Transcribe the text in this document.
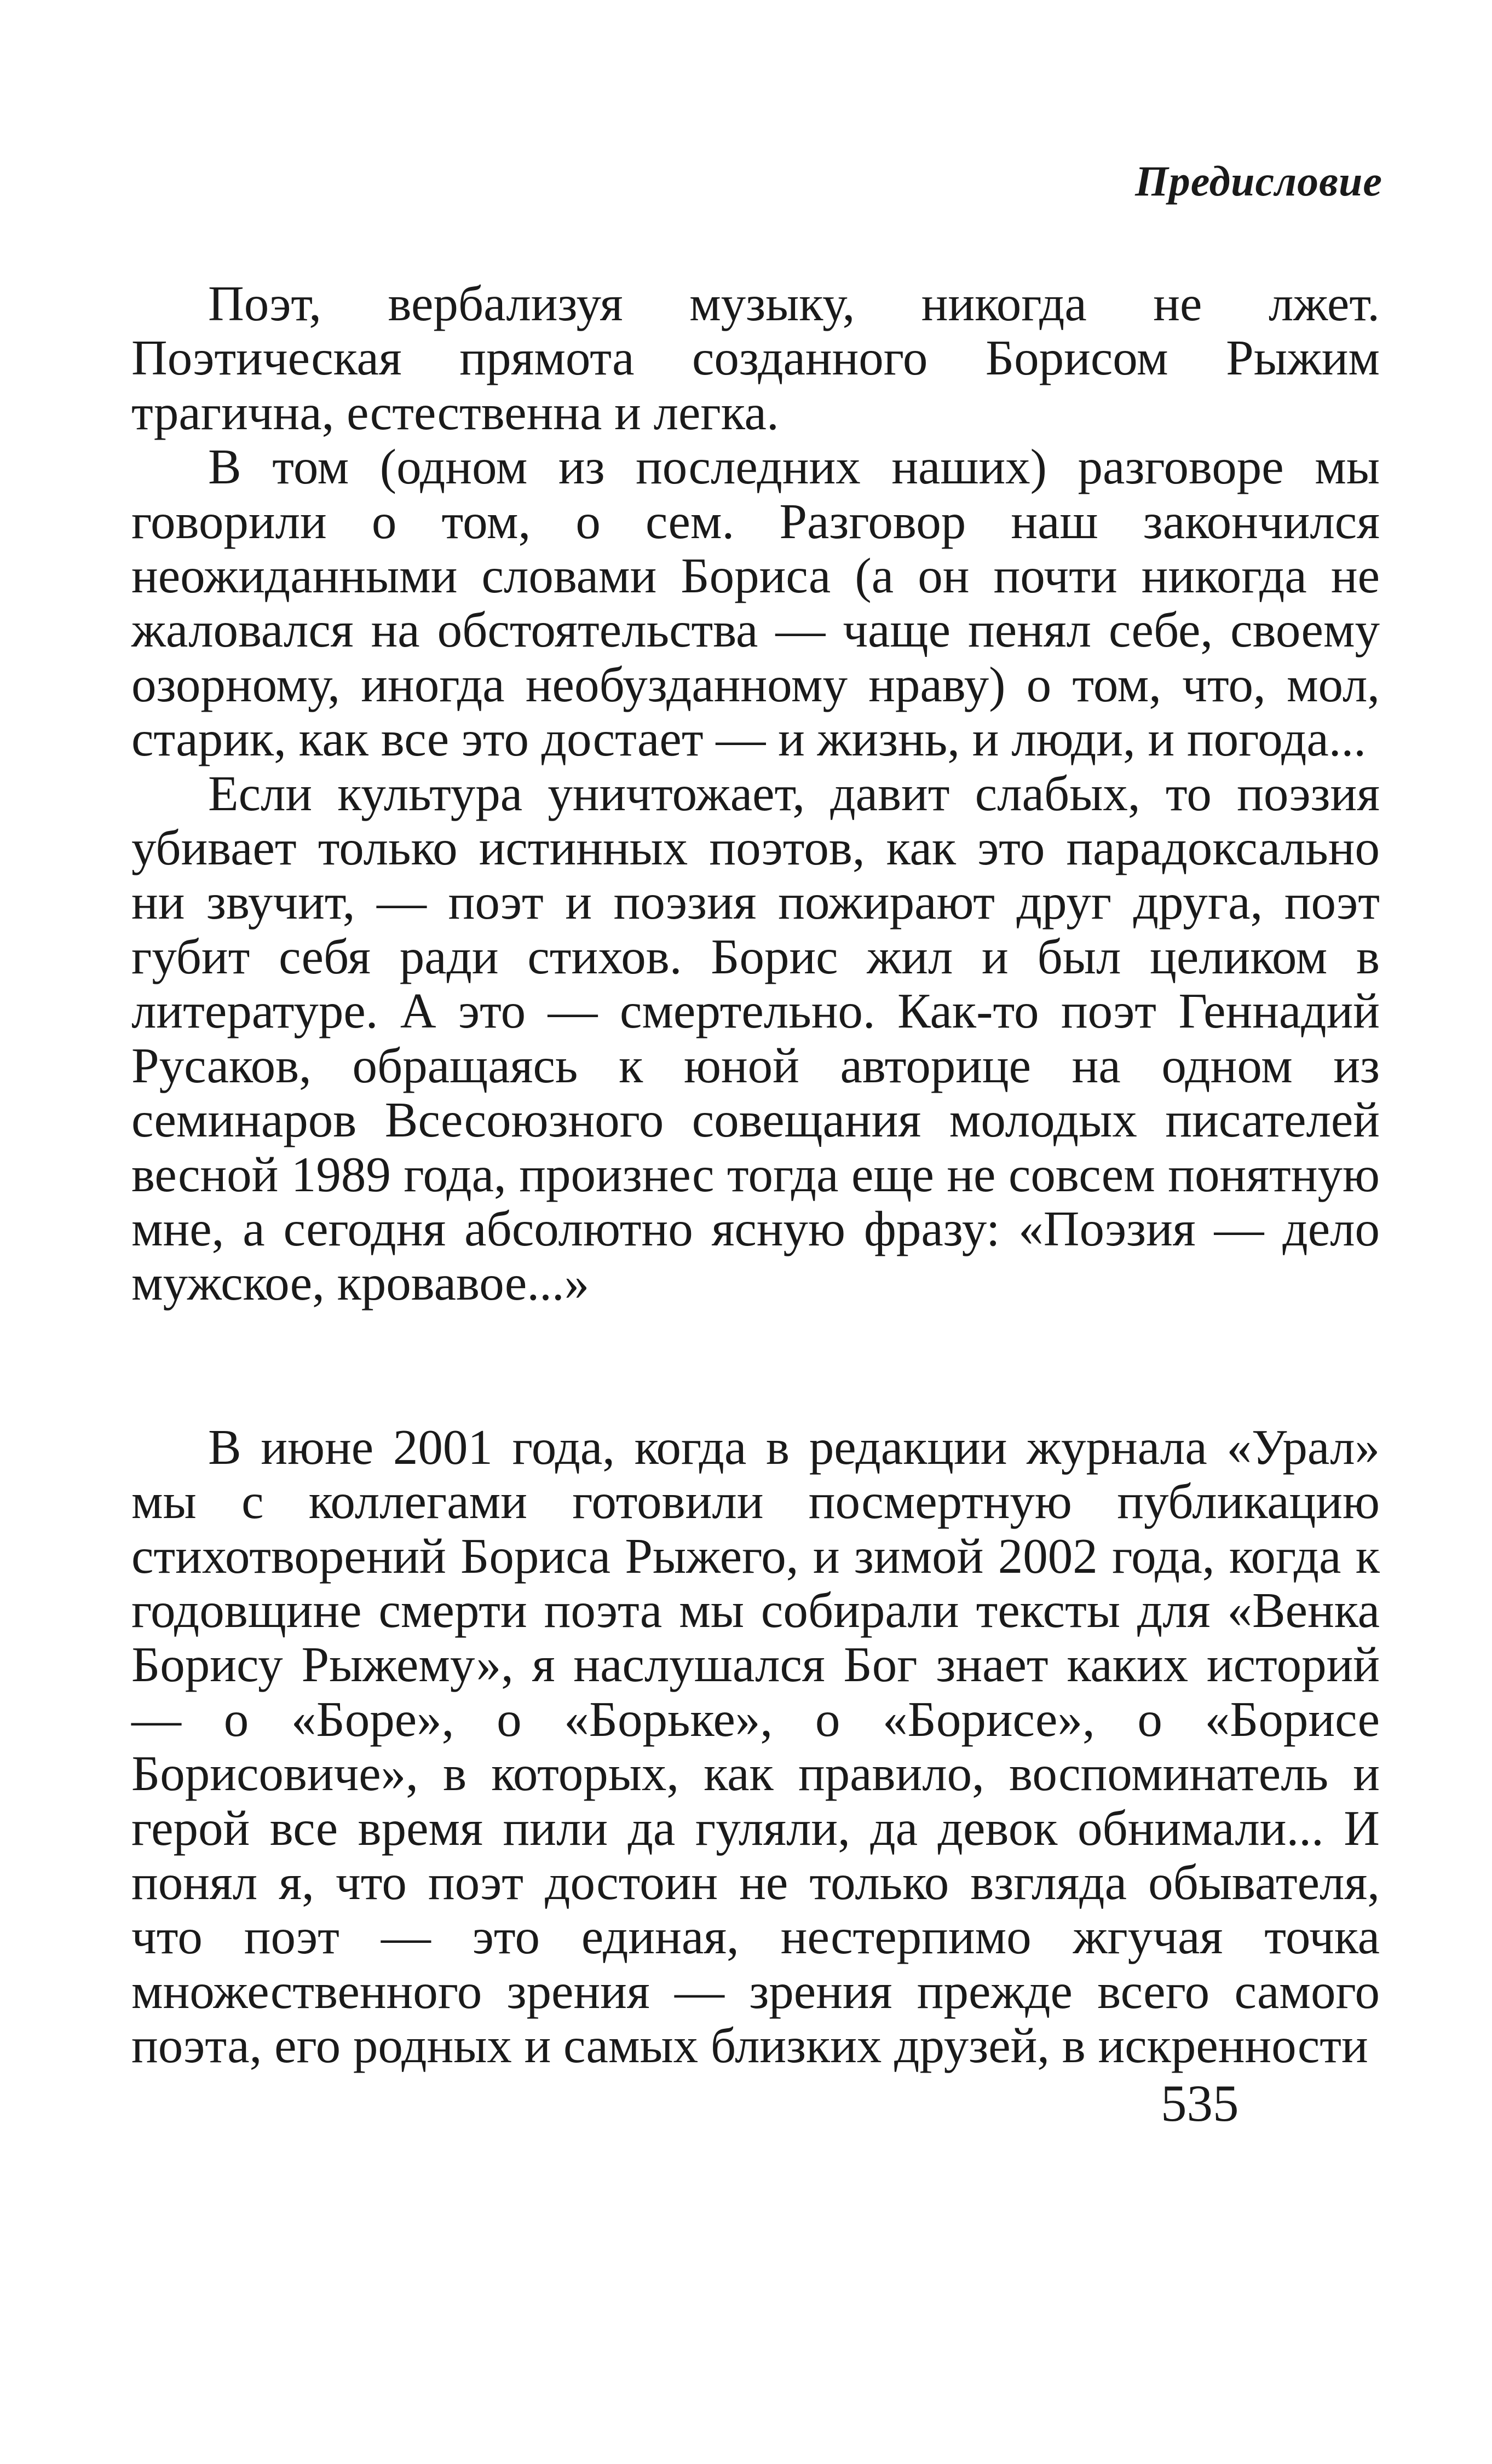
Предисловие

Поэт, вербализуя музыку, никогда не лжет. Поэтическая прямота созданного Борисом Рыжим трагична, естественна и легка.

В том (одном из последних наших) разговоре мы говорили о том, о сем. Разговор наш закончился неожиданными словами Бориса (а он почти никогда не жаловался на обстоятельства — чаще пенял себе, своему озорному, иногда необузданному нраву) о том, что, мол, старик, как все это достает — и жизнь, и люди, и погода...

Если культура уничтожает, давит слабых, то поэзия убивает только истинных поэтов, как это парадоксально ни звучит, — поэт и поэзия пожирают друг друга, поэт губит себя ради стихов. Борис жил и был целиком в литературе. А это — смертельно. Как-то поэт Геннадий Русаков, обращаясь к юной авторице на одном из семинаров Всесоюзного совещания молодых писателей весной 1989 года, произнес тогда еще не совсем понятную мне, а сегодня абсолютно ясную фразу: «Поэзия — дело мужское, кровавое...»

В июне 2001 года, когда в редакции журнала «Урал» мы с коллегами готовили посмертную публикацию стихотворений Бориса Рыжего, и зимой 2002 года, когда к годовщине смерти поэта мы собирали тексты для «Венка Борису Рыжему», я наслушался Бог знает каких историй — о «Боре», о «Борьке», о «Борисе», о «Борисе Борисовиче», в которых, как правило, воспоминатель и герой все время пили да гуляли, да девок обнимали... И понял я, что поэт достоин не только взгляда обывателя, что поэт — это единая, нестерпимо жгучая точка множественного зрения — зрения прежде всего самого поэта, его родных и самых близких друзей, в искренности

535
